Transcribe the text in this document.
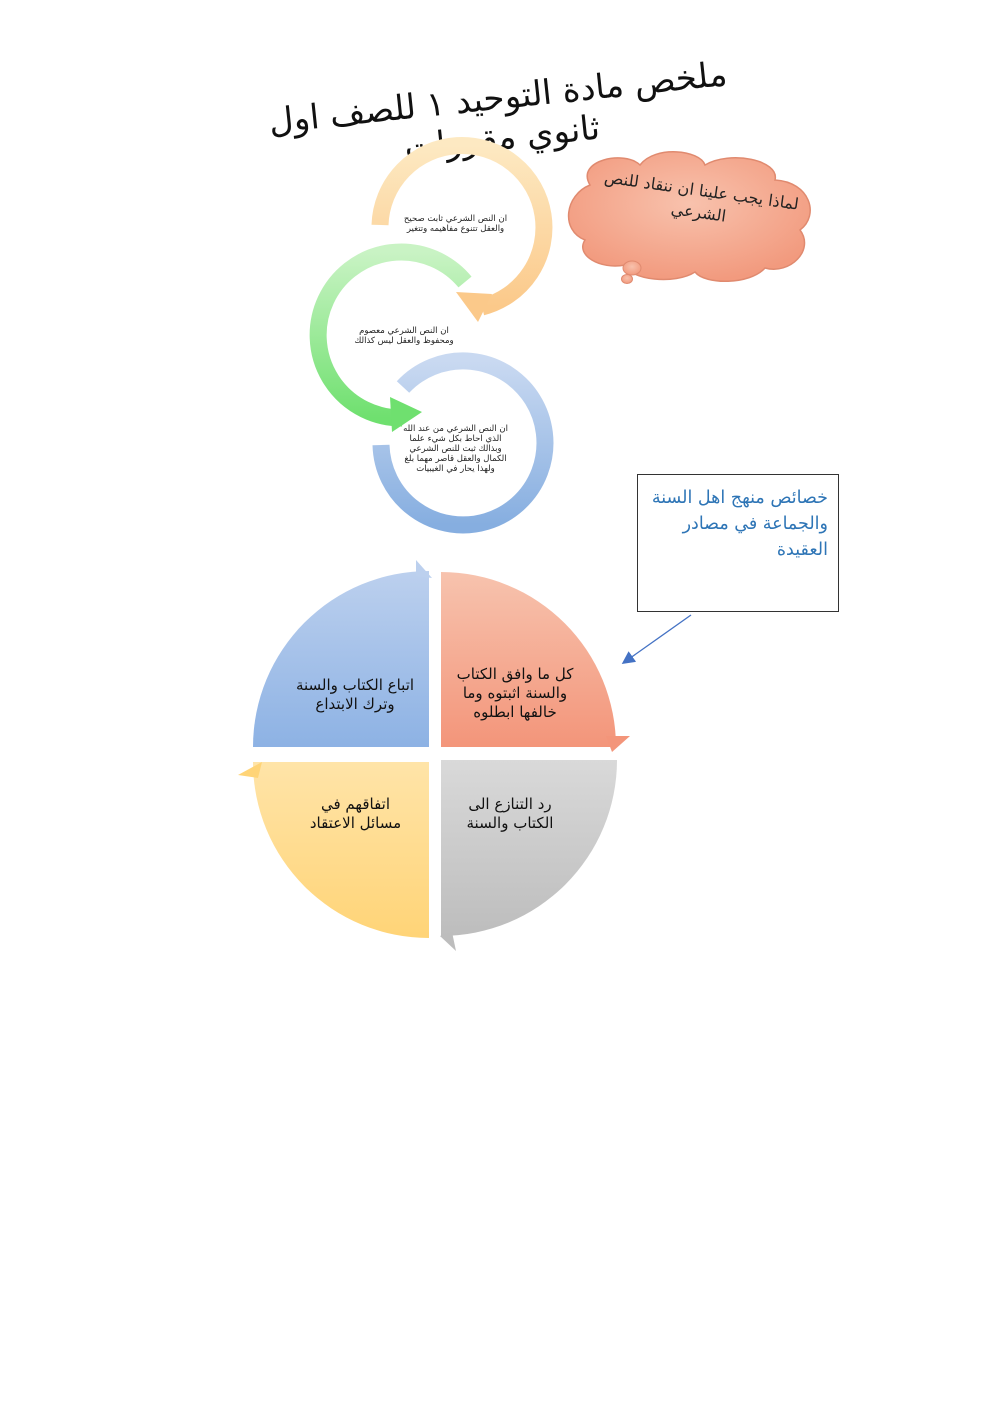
ملخص مادة التوحيد ١ للصف اول ثانوي مقررات
ان النص الشرعي ثابت صحيح والعقل تتنوع مفاهيمه وتتغير
ان النص الشرعي معصوم ومحفوظ والعقل ليس كذالك
ان النص الشرعي من عند الله الذي احاط بكل شيء علما وبذالك ثبت للنص الشرعي الكمال والعقل قاصر مهما بلغ ولهذا يحار في الغيبيات
لماذا يجب علينا ان ننقاد للنص الشرعي
خصائص منهج اهل السنة والجماعة في مصادر العقيدة
كل ما وافق الكتاب والسنة اثبتوه وما خالفها ابطلوه
اتباع الكتاب والسنة وترك الابتداع
رد التنازع الى الكتاب والسنة
اتفاقهم في مسائل الاعتقاد
